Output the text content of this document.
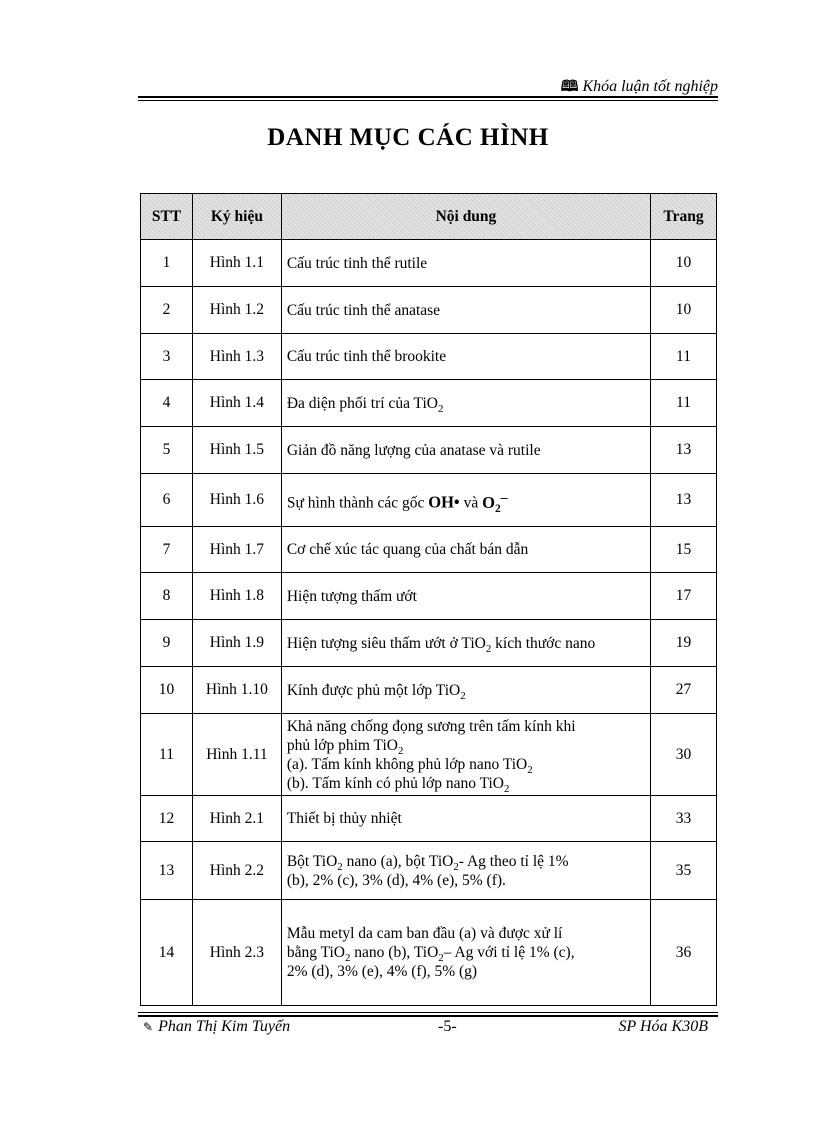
🕮 Khóa luận tốt nghiệp
DANH MỤC CÁC HÌNH
STT	Ký hiệu	Nội dung	Trang
1	Hình 1.1	Cấu trúc tinh thể rutile	10
2	Hình 1.2	Cấu trúc tinh thể anatase	10
3	Hình 1.3	Cấu trúc tinh thể brookite	11
4	Hình 1.4	Đa diện phối trí của TiO$_2$	11
5	Hình 1.5	Giản đồ năng lượng của anatase và rutile	13
6	Hình 1.6	Sự hình thành các gốc OH• và $O_2^-$	13
7	Hình 1.7	Cơ chế xúc tác quang của chất bán dẫn	15
8	Hình 1.8	Hiện tượng thấm ướt	17
9	Hình 1.9	Hiện tượng siêu thấm ướt ở TiO$_2$ kích thước nano	19
10	Hình 1.10	Kính được phủ một lớp TiO$_2$	27
11	Hình 1.11	Khả năng chống đọng sương trên tấm kính khi
phủ lớp phim TiO$_2$
(a). Tấm kính không phủ lớp nano TiO$_2$
(b). Tấm kính có phủ lớp nano TiO$_2$	30
12	Hình 2.1	Thiết bị thủy nhiệt	33
13	Hình 2.2	Bột TiO$_2$ nano (a), bột TiO$_2$- Ag theo tỉ lệ 1%
(b), 2% (c), 3% (d), 4% (e), 5% (f).	35
14	Hình 2.3	Mẫu metyl da cam ban đầu (a) và được xử lí
bằng TiO$_2$ nano (b), TiO$_2$– Ag với tỉ lệ 1% (c),
2% (d), 3% (e), 4% (f), 5% (g)	36
✎ Phan Thị Kim Tuyến	-5-	SP Hóa K30B
